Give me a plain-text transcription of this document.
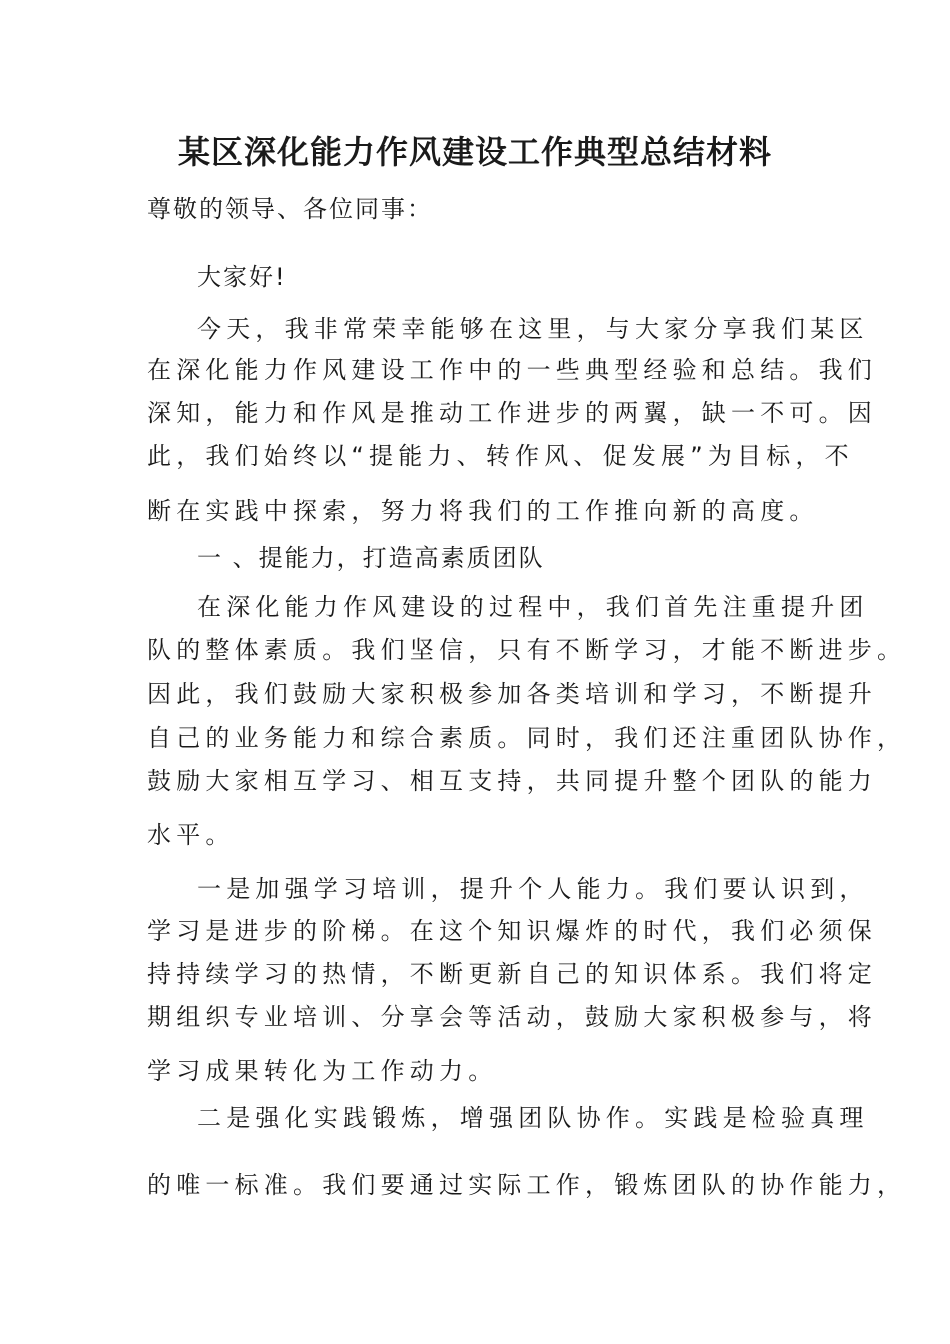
某区深化能力作风建设工作典型总结材料

尊敬的领导、各位同事：

大家好!

今天，我非常荣幸能够在这里，与大家分享我们某区

在深化能力作风建设工作中的一些典型经验和总结。我们

深知，能力和作风是推动工作进步的两翼，缺一不可。因

此，我们始终以“提能力、转作风、促发展”为目标，不

断在实践中探索，努力将我们的工作推向新的高度。

一 、提能力，打造高素质团队

在深化能力作风建设的过程中，我们首先注重提升团

队的整体素质。我们坚信，只有不断学习，才能不断进步。

因此，我们鼓励大家积极参加各类培训和学习，不断提升

自己的业务能力和综合素质。同时，我们还注重团队协作，

鼓励大家相互学习、相互支持，共同提升整个团队的能力

水平。

一是加强学习培训，提升个人能力。我们要认识到，

学习是进步的阶梯。在这个知识爆炸的时代，我们必须保

持持续学习的热情，不断更新自己的知识体系。我们将定

期组织专业培训、分享会等活动，鼓励大家积极参与，将

学习成果转化为工作动力。

二是强化实践锻炼，增强团队协作。实践是检验真理

的唯一标准。我们要通过实际工作，锻炼团队的协作能力，
